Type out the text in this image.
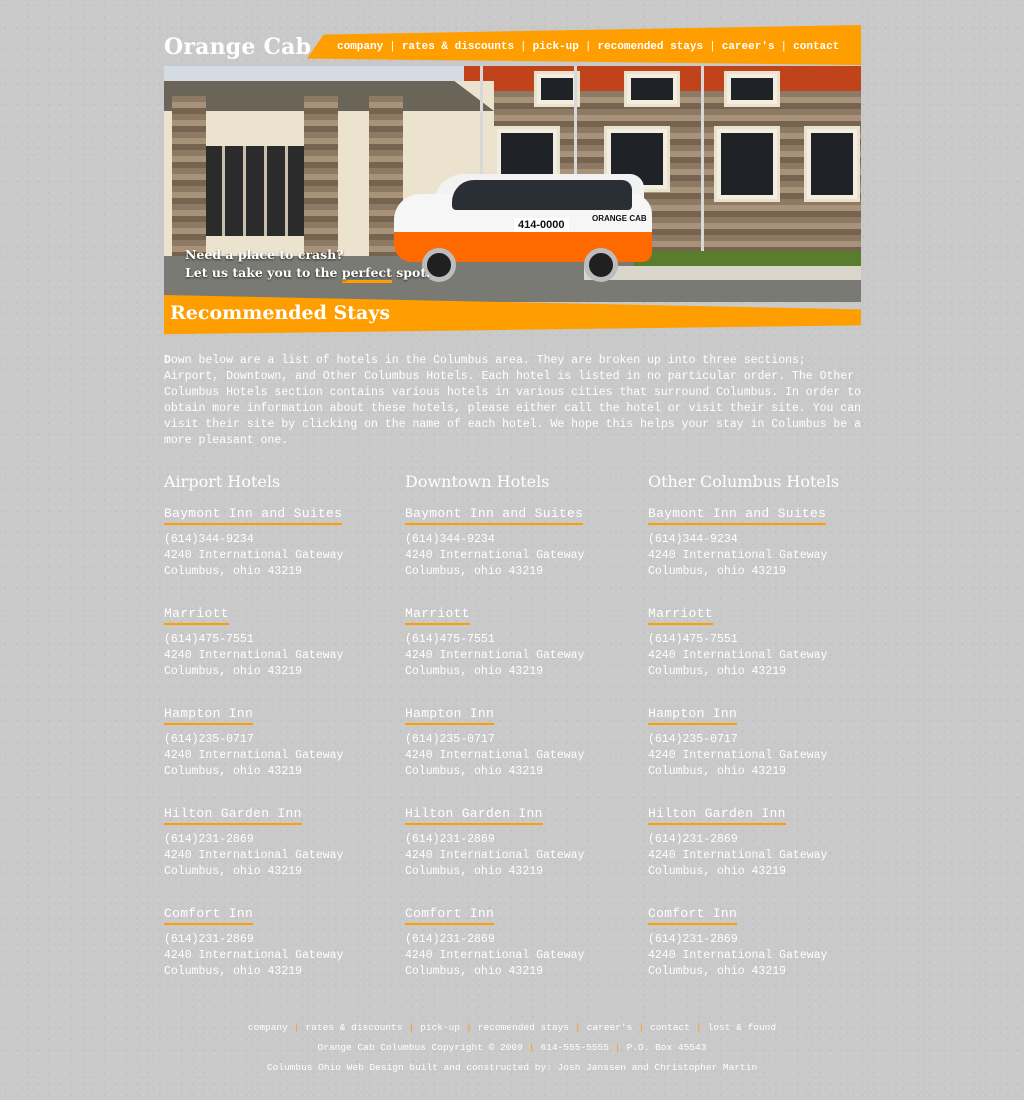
Orange Cab company | rates & discounts | pick-up | recomended stays | career's | contact
414-0000
ORANGE CAB
Need a place to crash?
Let us take you to the perfect spot.
Recommended Stays
Down below are a list of hotels in the Columbus area. They are broken up into three sections; Airport, Downtown, and Other Columbus Hotels. Each hotel is listed in no particular order. The Other Columbus Hotels section contains various hotels in various cities that surround Columbus. In order to obtain more information about these hotels, please either call the hotel or visit their site. You can visit their site by clicking on the name of each hotel. We hope this helps your stay in Columbus be a more pleasant one.
Airport Hotels
Baymont Inn and Suites
(614)344-9234
4240 International Gateway
Columbus, ohio 43219
Marriott
(614)475-7551
4240 International Gateway
Columbus, ohio 43219
Hampton Inn
(614)235-0717
4240 International Gateway
Columbus, ohio 43219
Hilton Garden Inn
(614)231-2869
4240 International Gateway
Columbus, ohio 43219
Comfort Inn
(614)231-2869
4240 International Gateway
Columbus, ohio 43219
Downtown Hotels
Baymont Inn and Suites
(614)344-9234
4240 International Gateway
Columbus, ohio 43219
Marriott
(614)475-7551
4240 International Gateway
Columbus, ohio 43219
Hampton Inn
(614)235-0717
4240 International Gateway
Columbus, ohio 43219
Hilton Garden Inn
(614)231-2869
4240 International Gateway
Columbus, ohio 43219
Comfort Inn
(614)231-2869
4240 International Gateway
Columbus, ohio 43219
Other Columbus Hotels
Baymont Inn and Suites
(614)344-9234
4240 International Gateway
Columbus, ohio 43219
Marriott
(614)475-7551
4240 International Gateway
Columbus, ohio 43219
Hampton Inn
(614)235-0717
4240 International Gateway
Columbus, ohio 43219
Hilton Garden Inn
(614)231-2869
4240 International Gateway
Columbus, ohio 43219
Comfort Inn
(614)231-2869
4240 International Gateway
Columbus, ohio 43219
company | rates & discounts | pick-up | recomended stays | career's | contact | lost & found
Orange Cab Columbus Copyright © 2009 | 614-555-5555 | P.O. Box 45543
Columbus Ohio Web Design built and constructed by: Josh Janssen and Christopher Martin
